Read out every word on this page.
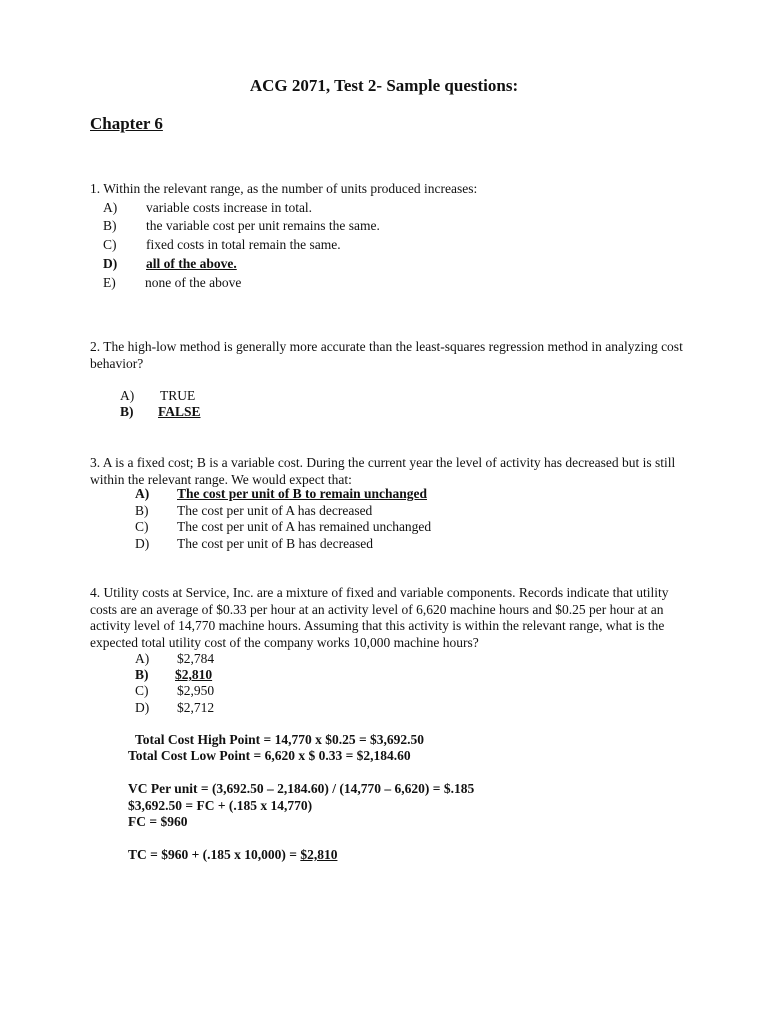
ACG 2071, Test 2- Sample questions:
Chapter 6
1. Within the relevant range, as the number of units produced increases:
A) variable costs increase in total.
B) the variable cost per unit remains the same.
C) fixed costs in total remain the same.
D) all of the above.
E) none of the above
2. The high-low method is generally more accurate than the least-squares regression method in analyzing cost behavior?
A) TRUE
B) FALSE
3. A is a fixed cost; B is a variable cost. During the current year the level of activity has decreased but is still within the relevant range. We would expect that:
A) The cost per unit of B to remain unchanged
B) The cost per unit of A has decreased
C) The cost per unit of A has remained unchanged
D) The cost per unit of B has decreased
4. Utility costs at Service, Inc. are a mixture of fixed and variable components. Records indicate that utility costs are an average of $0.33 per hour at an activity level of 6,620 machine hours and $0.25 per hour at an activity level of 14,770 machine hours. Assuming that this activity is within the relevant range, what is the expected total utility cost of the company works 10,000 machine hours?
A) $2,784
B) $2,810
C) $2,950
D) $2,712
Total Cost High Point = 14,770 x $0.25 = $3,692.50
Total Cost Low Point = 6,620 x $ 0.33 = $2,184.60
VC Per unit = (3,692.50 – 2,184.60) / (14,770 – 6,620) = $.185
$3,692.50 = FC + (.185 x 14,770)
FC = $960
TC = $960 + (.185 x 10,000) = $2,810
